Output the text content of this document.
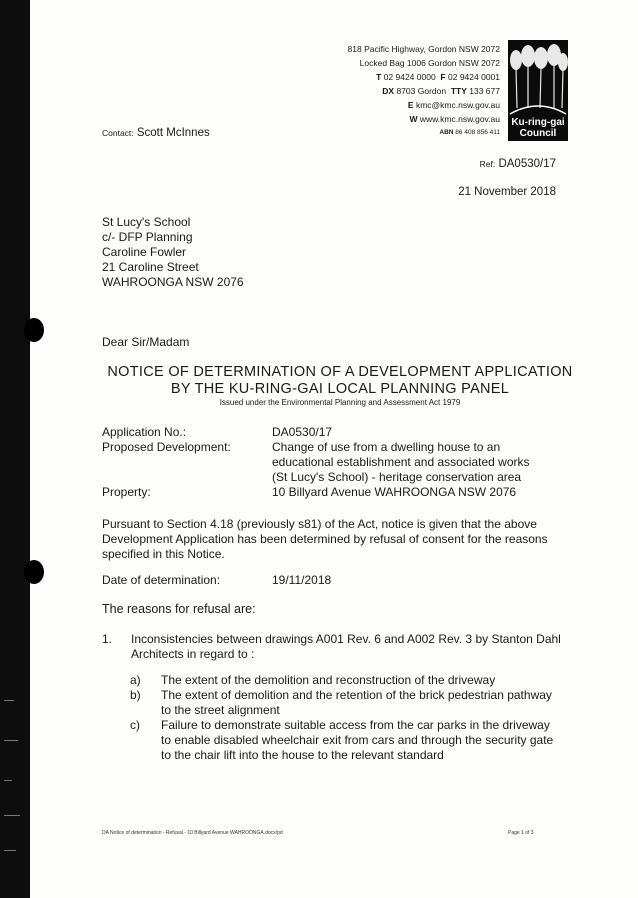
818 Pacific Highway, Gordon NSW 2072
Locked Bag 1006 Gordon NSW 2072
T 02 9424 0000 F 02 9424 0001
DX 8703 Gordon TTY 133 677
E kmc@kmc.nsw.gov.au
W www.kmc.nsw.gov.au
ABN 86 408 856 411
Ku-ring-gai
Council
Contact: Scott McInnes
Ref: DA0530/17
21 November 2018
St Lucy's School
c/- DFP Planning
Caroline Fowler
21 Caroline Street
WAHROONGA NSW 2076
Dear Sir/Madam
NOTICE OF DETERMINATION OF A DEVELOPMENT APPLICATION
BY THE KU-RING-GAI LOCAL PLANNING PANEL
Issued under the Environmental Planning and Assessment Act 1979
Application No.:	DA0530/17
Proposed Development:	Change of use from a dwelling house to an
educational establishment and associated works
(St Lucy's School) - heritage conservation area
Property:	10 Billyard Avenue WAHROONGA NSW 2076
Pursuant to Section 4.18 (previously s81) of the Act, notice is given that the above Development Application has been determined by refusal of consent for the reasons specified in this Notice.
Date of determination:	19/11/2018
The reasons for refusal are:
1. Inconsistencies between drawings A001 Rev. 6 and A002 Rev. 3 by Stanton Dahl Architects in regard to :
a) The extent of the demolition and reconstruction of the driveway
b) The extent of demolition and the retention of the brick pedestrian pathway to the street alignment
c) Failure to demonstrate suitable access from the car parks in the driveway to enable disabled wheelchair exit from cars and through the security gate to the chair lift into the house to the relevant standard
DA Notice of determination - Refusal - 10 Billyard Avenue WAHROONGA.docx/pd	Page 1 of 3
